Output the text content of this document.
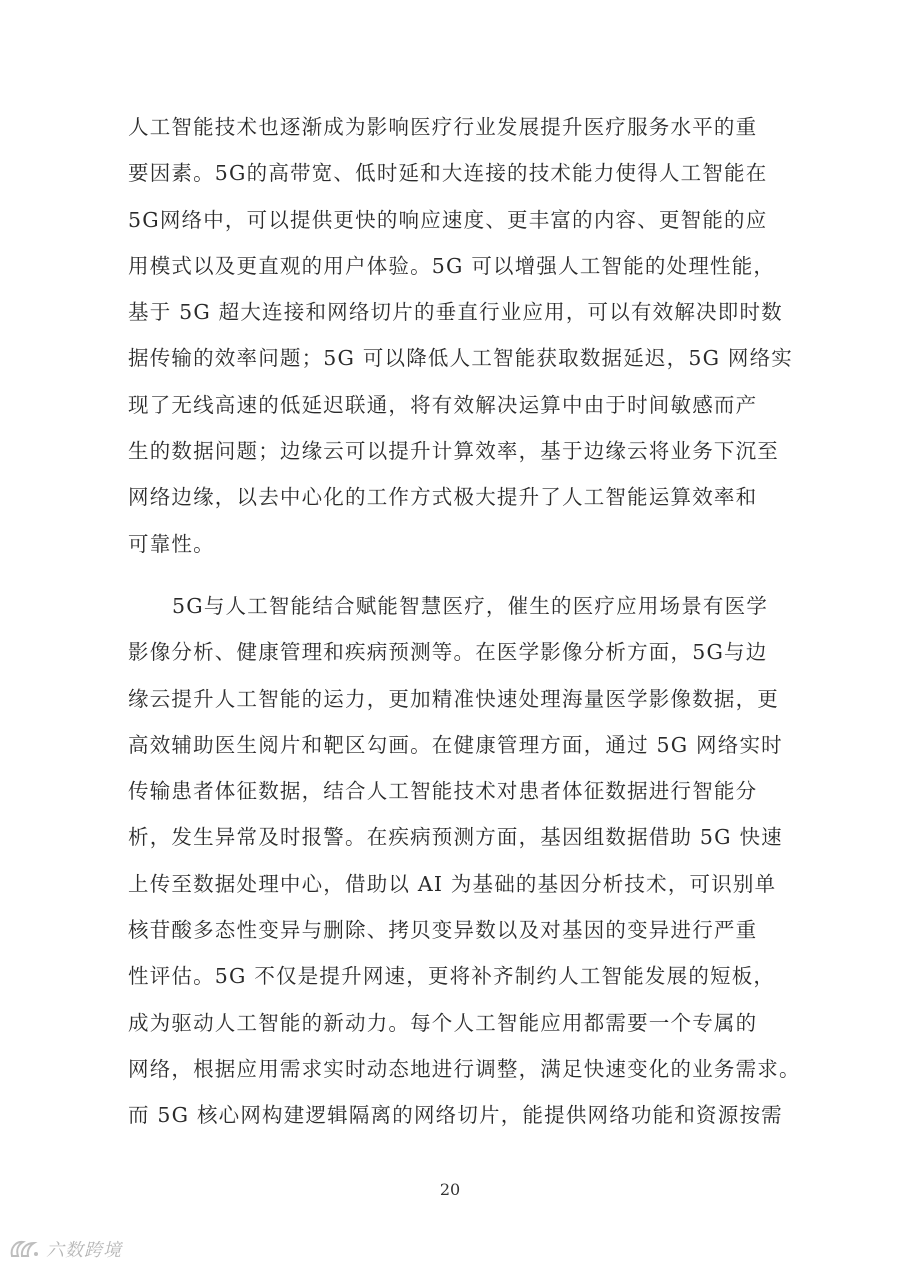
人工智能技术也逐渐成为影响医疗行业发展提升医疗服务水平的重
要因素。5G的高带宽、低时延和大连接的技术能力使得人工智能在
5G网络中，可以提供更快的响应速度、更丰富的内容、更智能的应
用模式以及更直观的用户体验。5G 可以增强人工智能的处理性能，
基于 5G 超大连接和网络切片的垂直行业应用，可以有效解决即时数
据传输的效率问题；5G 可以降低人工智能获取数据延迟，5G 网络实
现了无线高速的低延迟联通，将有效解决运算中由于时间敏感而产
生的数据问题；边缘云可以提升计算效率，基于边缘云将业务下沉至
网络边缘，以去中心化的工作方式极大提升了人工智能运算效率和
可靠性。
5G与人工智能结合赋能智慧医疗，催生的医疗应用场景有医学
影像分析、健康管理和疾病预测等。在医学影像分析方面，5G与边
缘云提升人工智能的运力，更加精准快速处理海量医学影像数据，更
高效辅助医生阅片和靶区勾画。在健康管理方面，通过 5G 网络实时
传输患者体征数据，结合人工智能技术对患者体征数据进行智能分
析，发生异常及时报警。在疾病预测方面，基因组数据借助 5G 快速
上传至数据处理中心，借助以 AI 为基础的基因分析技术，可识别单
核苷酸多态性变异与删除、拷贝变异数以及对基因的变异进行严重
性评估。5G 不仅是提升网速，更将补齐制约人工智能发展的短板，
成为驱动人工智能的新动力。每个人工智能应用都需要一个专属的
网络，根据应用需求实时动态地进行调整，满足快速变化的业务需求。
而 5G 核心网构建逻辑隔离的网络切片，能提供网络功能和资源按需
20
六数跨境
